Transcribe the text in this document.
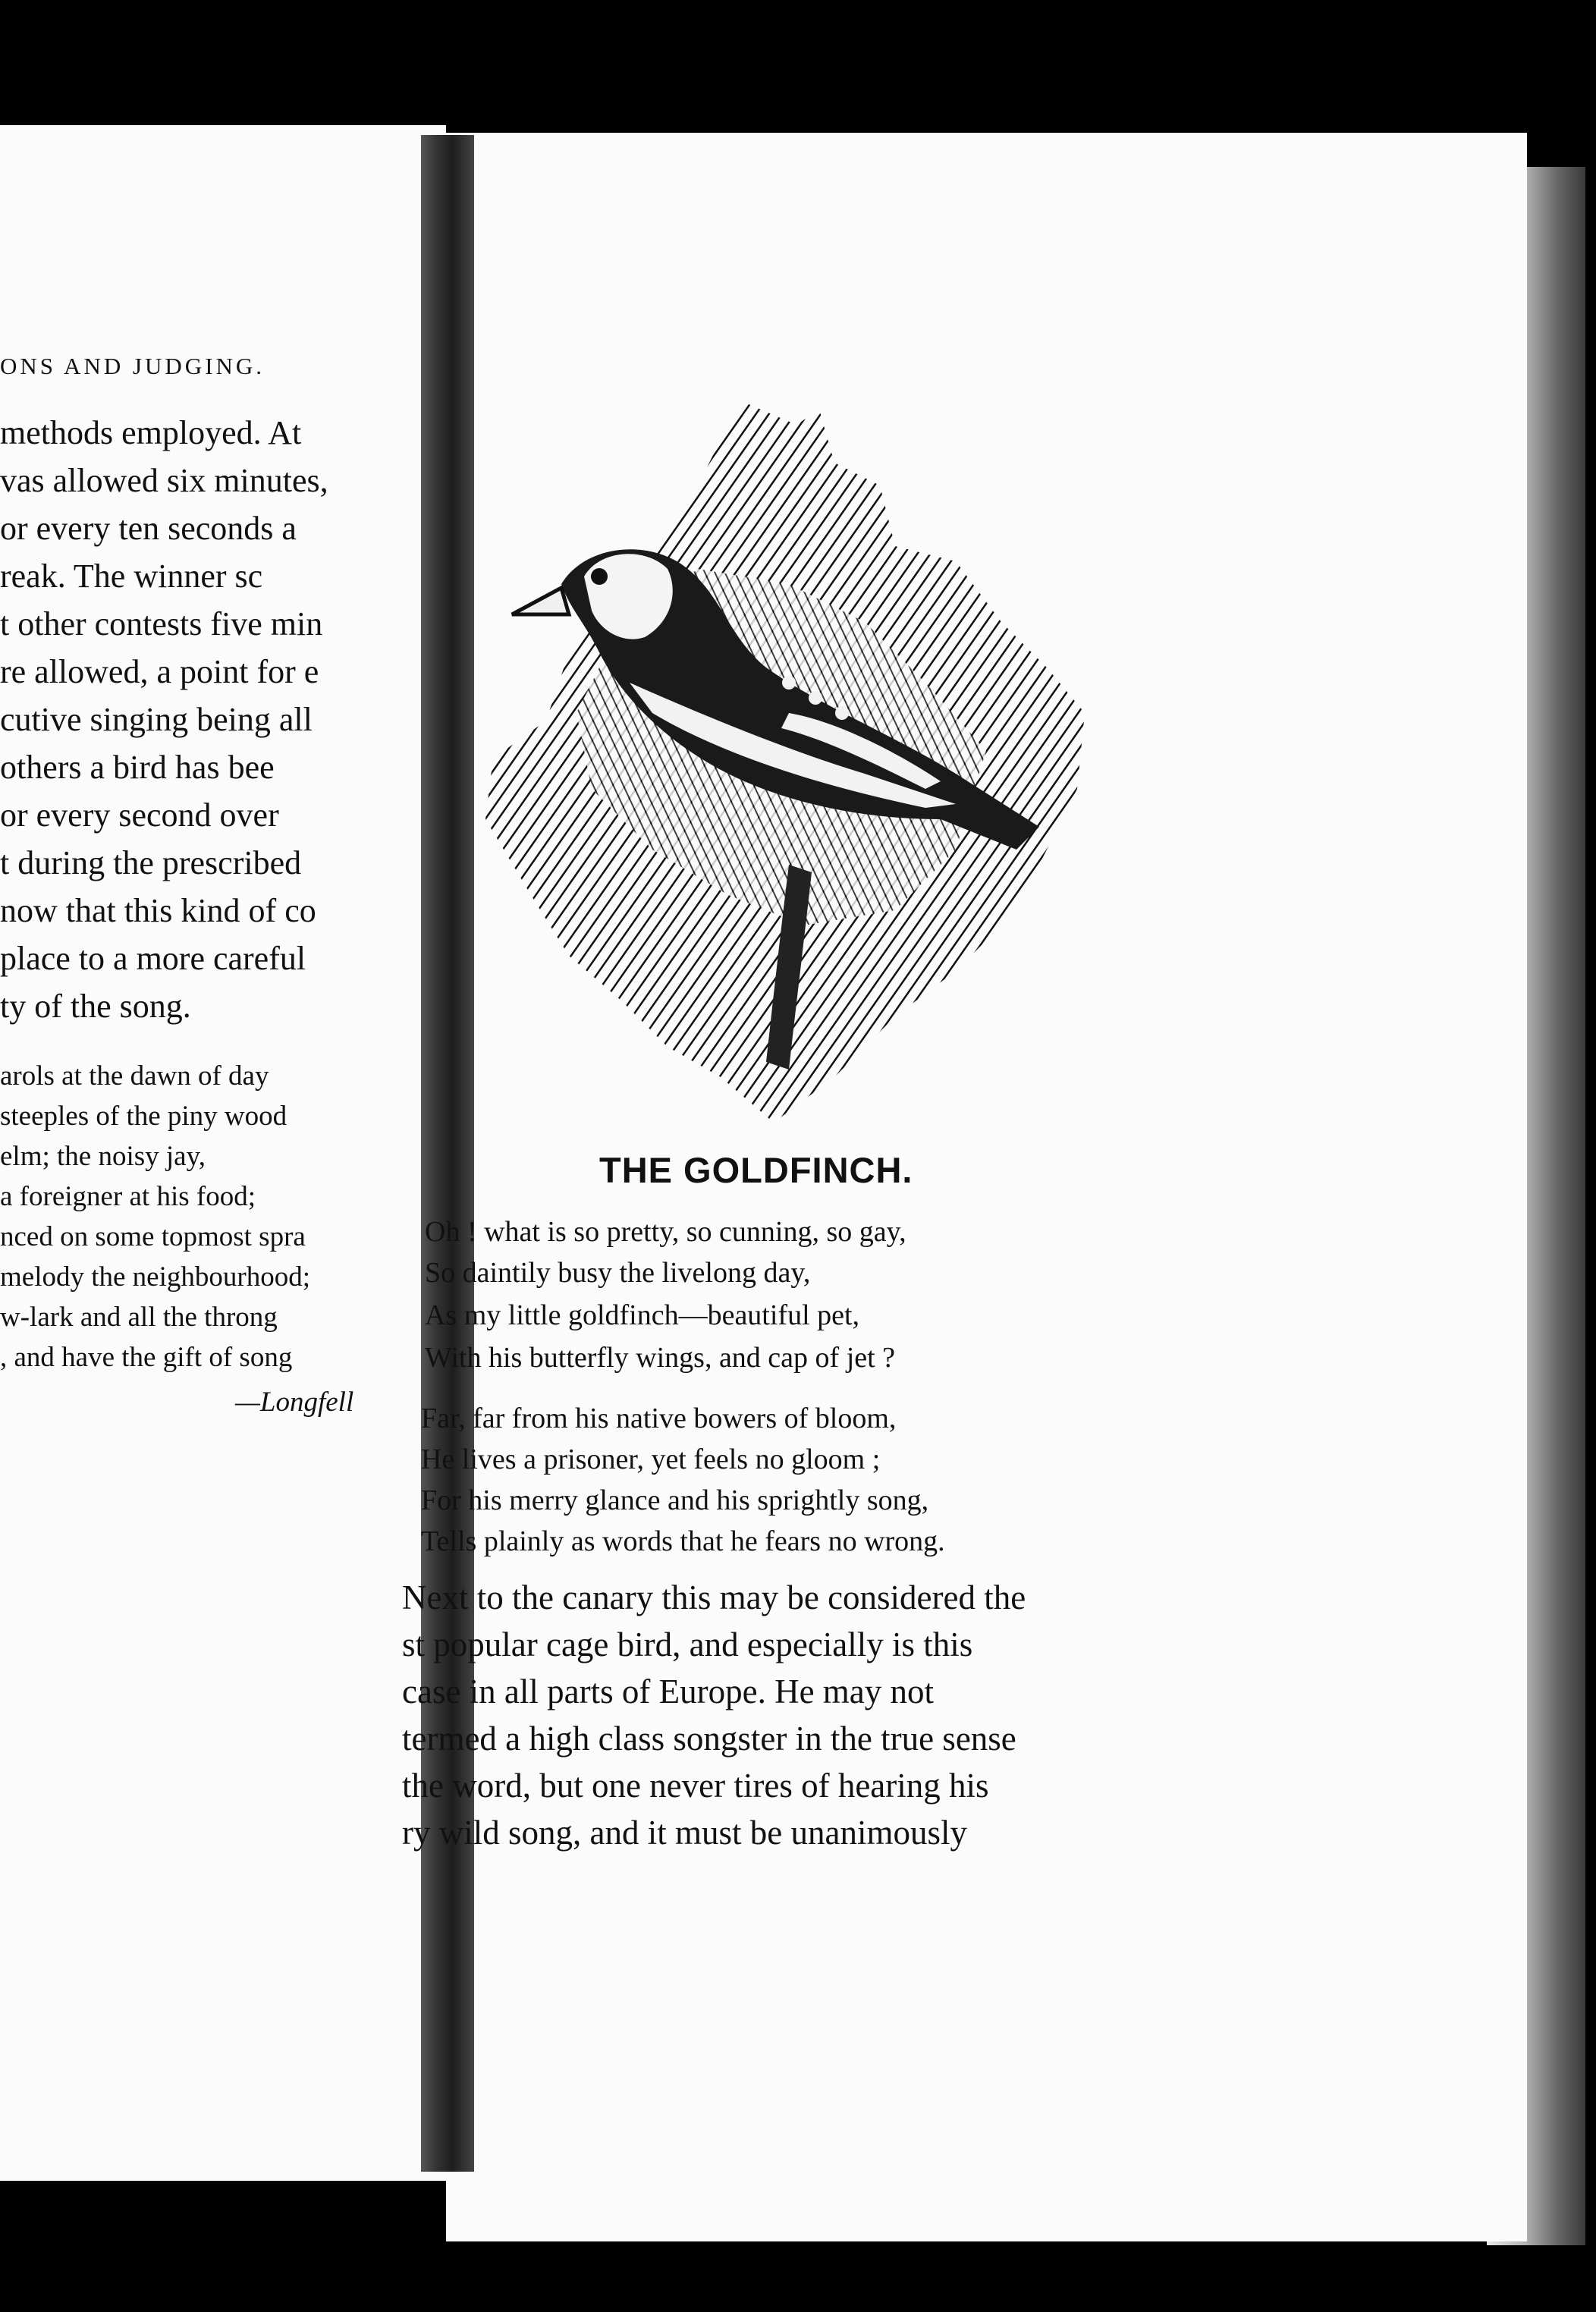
ONS AND JUDGING.
methods employed. At
vas allowed six minutes,
or every ten seconds a
reak. The winner sc
t other contests five min
re allowed, a point for e
cutive singing being all
others a bird has bee
or every second over
t during the prescribed
now that this kind of co
place to a more careful
ty of the song.
arols at the dawn of day
steeples of the piny wood
elm; the noisy jay,
a foreigner at his food;
nced on some topmost spra
melody the neighbourhood;
w-lark and all the throng
, and have the gift of song
—Longfell
THE GOLDFINCH.
Oh ! what is so pretty, so cunning, so gay,
So daintily busy the livelong day,
As my little goldfinch—beautiful pet,
With his butterfly wings, and cap of jet ?
Far, far from his native bowers of bloom,
He lives a prisoner, yet feels no gloom ;
For his merry glance and his sprightly song,
Tells plainly as words that he fears no wrong.
Next to the canary this may be considered the
st popular cage bird, and especially is this
case in all parts of Europe. He may not
termed a high class songster in the true sense
the word, but one never tires of hearing his
ry wild song, and it must be unanimously
